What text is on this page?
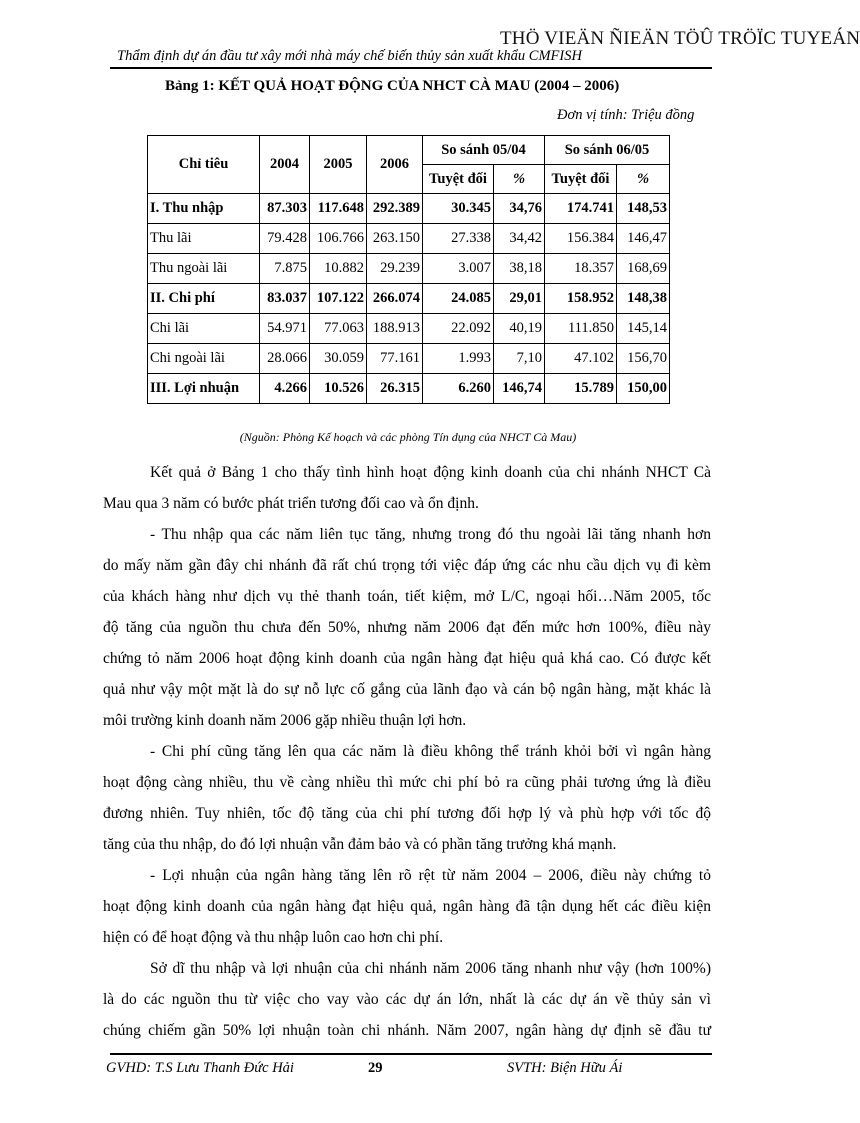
THÖ VIEÄN ÑIEÄN TÖÛ TRÖÏC TUYEÁN
Thẩm định dự án đầu tư xây mới nhà máy chế biến thủy sản xuất khẩu CMFISH
Bảng 1: KẾT QUẢ HOẠT ĐỘNG CỦA NHCT CÀ MAU (2004 – 2006)
Đơn vị tính: Triệu đồng
Chỉ tiêu	2004	2005	2006	So sánh 05/04		So sánh 06/05	
				Tuyệt đối	%	Tuyệt đối	%
I. Thu nhập	87.303	117.648	292.389	30.345	34,76	174.741	148,53
Thu lãi	79.428	106.766	263.150	27.338	34,42	156.384	146,47
Thu ngoài lãi	7.875	10.882	29.239	3.007	38,18	18.357	168,69
II. Chi phí	83.037	107.122	266.074	24.085	29,01	158.952	148,38
Chi lãi	54.971	77.063	188.913	22.092	40,19	111.850	145,14
Chi ngoài lãi	28.066	30.059	77.161	1.993	7,10	47.102	156,70
III. Lợi nhuận	4.266	10.526	26.315	6.260	146,74	15.789	150,00
(Nguồn: Phòng Kế hoạch và các phòng Tín dụng của NHCT Cà Mau)
Kết quả ở Bảng 1 cho thấy tình hình hoạt động kinh doanh của chi nhánh NHCT Cà
Mau qua 3 năm có bước phát triển tương đối cao và ổn định.
- Thu nhập qua các năm liên tục tăng, nhưng trong đó thu ngoài lãi tăng nhanh hơn
do mấy năm gần đây chi nhánh đã rất chú trọng tới việc đáp ứng các nhu cầu dịch vụ đi kèm
của khách hàng như dịch vụ thẻ thanh toán, tiết kiệm, mở L/C, ngoại hối…Năm 2005, tốc
độ tăng của nguồn thu chưa đến 50%, nhưng năm 2006 đạt đến mức hơn 100%, điều này
chứng tỏ năm 2006 hoạt động kinh doanh của ngân hàng đạt hiệu quả khá cao. Có được kết
quả như vậy một mặt là do sự nỗ lực cố gắng của lãnh đạo và cán bộ ngân hàng, mặt khác là
môi trường kinh doanh năm 2006 gặp nhiều thuận lợi hơn.
- Chi phí cũng tăng lên qua các năm là điều không thể tránh khỏi bởi vì ngân hàng
hoạt động càng nhiều, thu về càng nhiều thì mức chi phí bỏ ra cũng phải tương ứng là điều
đương nhiên. Tuy nhiên, tốc độ tăng của chi phí tương đối hợp lý và phù hợp với tốc độ
tăng của thu nhập, do đó lợi nhuận vẫn đảm bảo và có phần tăng trưởng khá mạnh.
- Lợi nhuận của ngân hàng tăng lên rõ rệt từ năm 2004 – 2006, điều này chứng tỏ
hoạt động kinh doanh của ngân hàng đạt hiệu quả, ngân hàng đã tận dụng hết các điều kiện
hiện có để hoạt động và thu nhập luôn cao hơn chi phí.
Sở dĩ thu nhập và lợi nhuận của chi nhánh năm 2006 tăng nhanh như vậy (hơn 100%)
là do các nguồn thu từ việc cho vay vào các dự án lớn, nhất là các dự án về thủy sản vì
chúng chiếm gần 50% lợi nhuận toàn chi nhánh. Năm 2007, ngân hàng dự định sẽ đầu tư
GVHD: T.S Lưu Thanh Đức Hải	29	SVTH: Biện Hữu Ái
